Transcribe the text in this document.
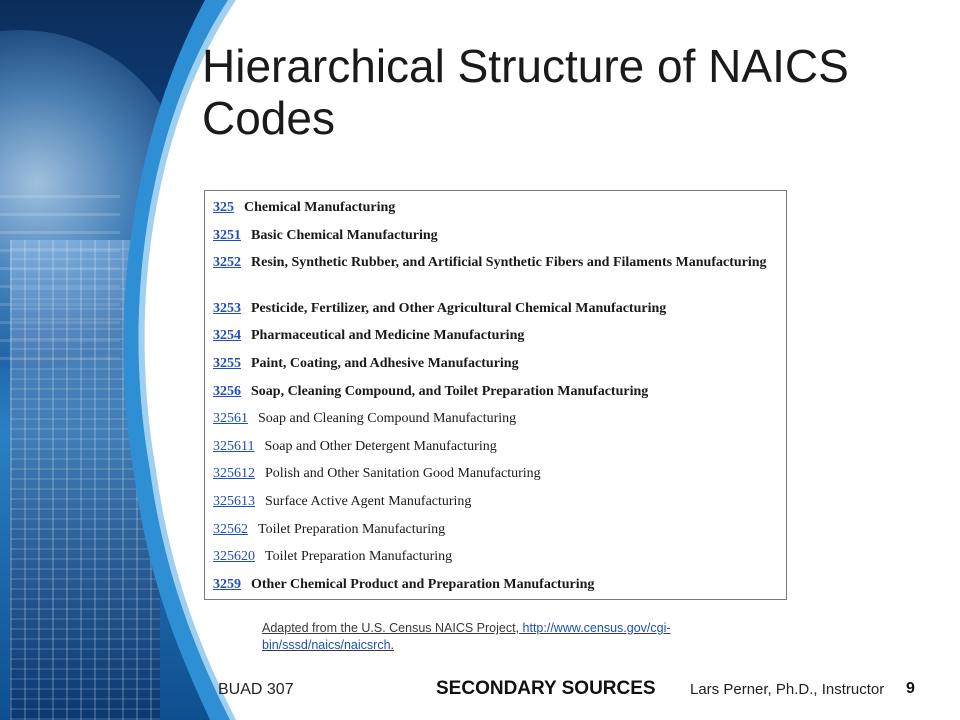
Hierarchical Structure of NAICS Codes
325 Chemical Manufacturing
3251 Basic Chemical Manufacturing
3252 Resin, Synthetic Rubber, and Artificial Synthetic Fibers and Filaments Manufacturing
3253 Pesticide, Fertilizer, and Other Agricultural Chemical Manufacturing
3254 Pharmaceutical and Medicine Manufacturing
3255 Paint, Coating, and Adhesive Manufacturing
3256 Soap, Cleaning Compound, and Toilet Preparation Manufacturing
32561 Soap and Cleaning Compound Manufacturing
325611 Soap and Other Detergent Manufacturing
325612 Polish and Other Sanitation Good Manufacturing
325613 Surface Active Agent Manufacturing
32562 Toilet Preparation Manufacturing
325620 Toilet Preparation Manufacturing
3259 Other Chemical Product and Preparation Manufacturing
Adapted from the U.S. Census NAICS Project, http://www.census.gov/cgi-
bin/sssd/naics/naicsrch.
BUAD 307	SECONDARY SOURCES Lars Perner, Ph.D., Instructor 9
